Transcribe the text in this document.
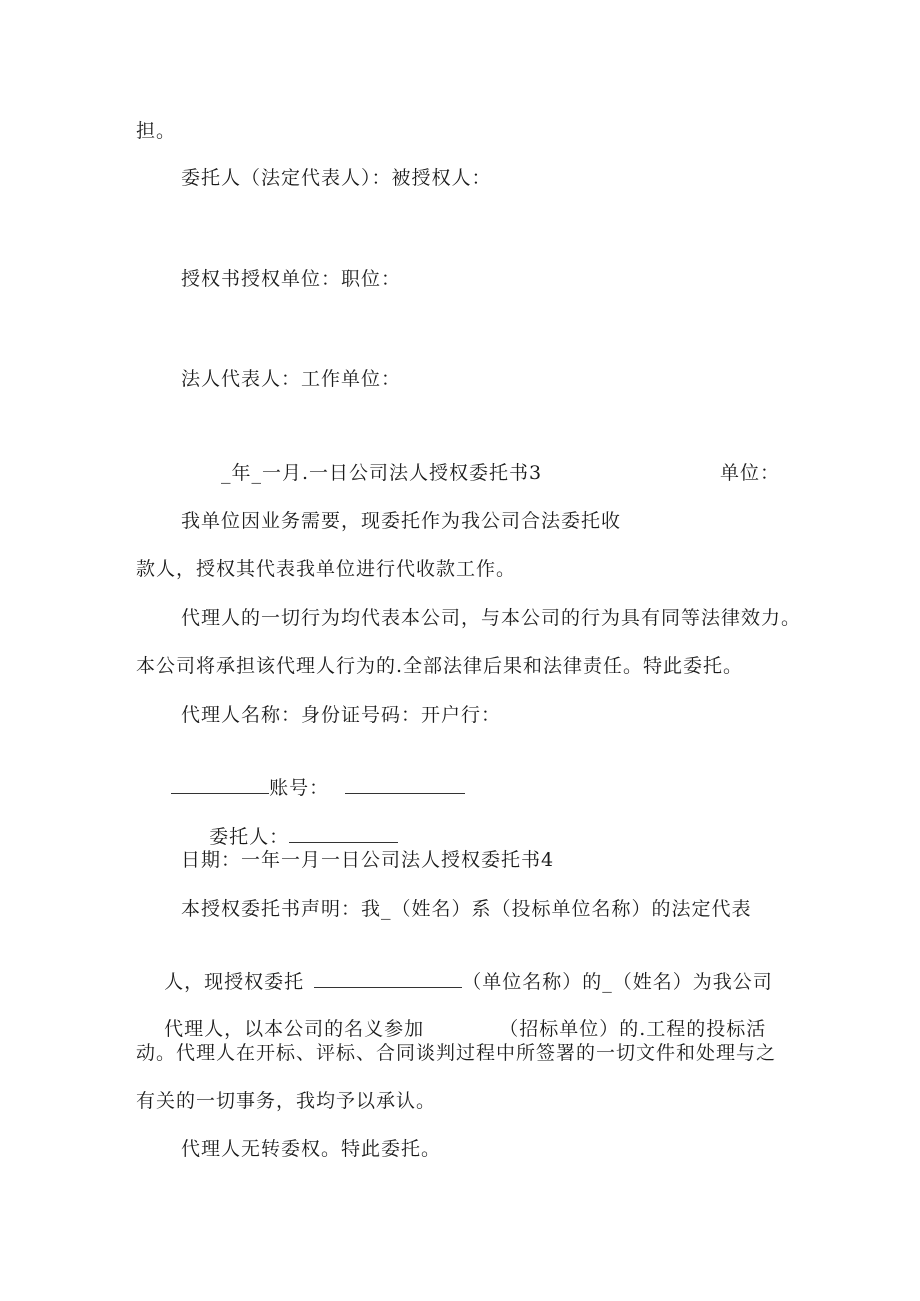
担。
委托人（法定代表人）：被授权人：
授权书授权单位：职位：
法人代表人：工作单位：
_年_一月.一日公司法人授权委托书3	单位：
我单位因业务需要，现委托作为我公司合法委托收
款人，授权其代表我单位进行代收款工作。
代理人的一切行为均代表本公司，与本公司的行为具有同等法律效力。
本公司将承担该代理人行为的.全部法律后果和法律责任。特此委托。
代理人名称：身份证号码：开户行：

账号：

委托人：

日期：一年一月一日公司法人授权委托书4
本授权委托书声明：我_（姓名）系（投标单位名称）的法定代表

人，现授权委托	（单位名称）的_（姓名）为我公司

代理人，以本公司的名义参加	（招标单位）的.工程的投标活

动。代理人在开标、评标、合同谈判过程中所签署的一切文件和处理与之
有关的一切事务，我均予以承认。
代理人无转委权。特此委托。
